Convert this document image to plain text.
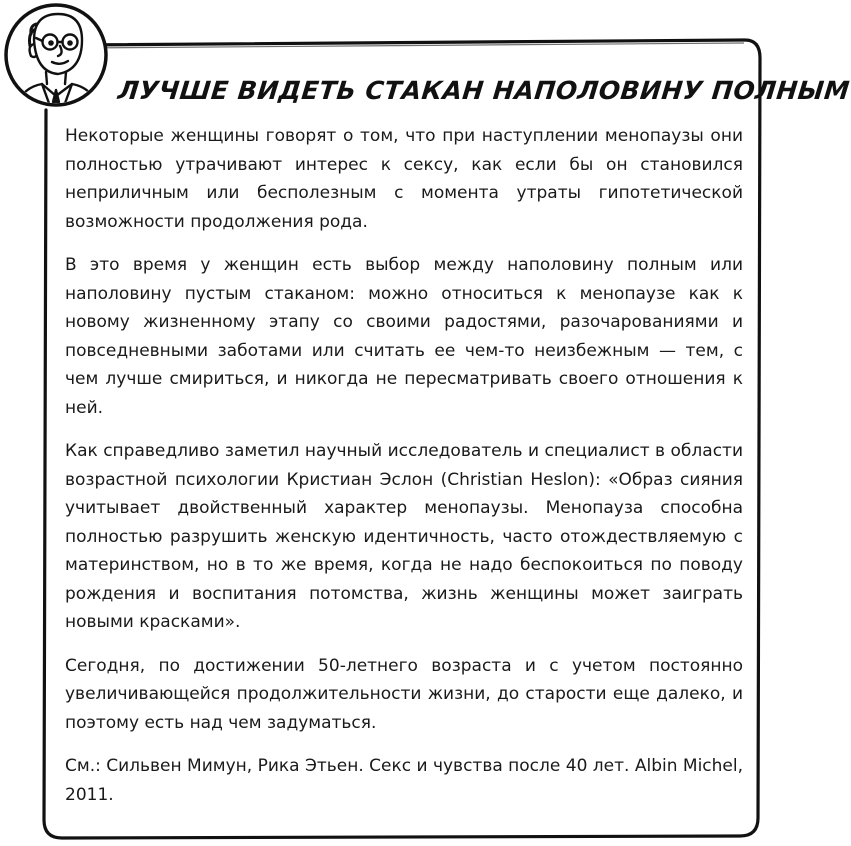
ЛУЧШЕ ВИДЕТЬ СТАКАН НАПОЛОВИНУ ПОЛНЫМ

Некоторые женщины говорят о том, что при наступлении менопаузы они полностью утрачивают интерес к сексу, как если бы он становился неприличным или бесполезным с момента утраты гипотетической возможности продолжения рода.

В это время у женщин есть выбор между наполовину полным или наполовину пустым стаканом: можно относиться к менопаузе как к новому жизненному этапу со своими радостями, разочарованиями и повседневными заботами или считать ее чем-то неизбежным — тем, с чем лучше смириться, и никогда не пересматривать своего отношения к ней.

Как справедливо заметил научный исследователь и специалист в области возрастной психологии Кристиан Эслон (Christian Heslon): «Образ сияния учитывает двойственный характер менопаузы. Менопауза способна полностью разрушить женскую идентичность, часто отождествляемую с материнством, но в то же время, когда не надо беспокоиться по поводу рождения и воспитания потомства, жизнь женщины может заиграть новыми красками».

Сегодня, по достижении 50-летнего возраста и с учетом постоянно увеличивающейся продолжительности жизни, до старости еще далеко, и поэтому есть над чем задуматься.

См.: Сильвен Мимун, Рика Этьен. Секс и чувства после 40 лет. Albin Michel, 2011.
